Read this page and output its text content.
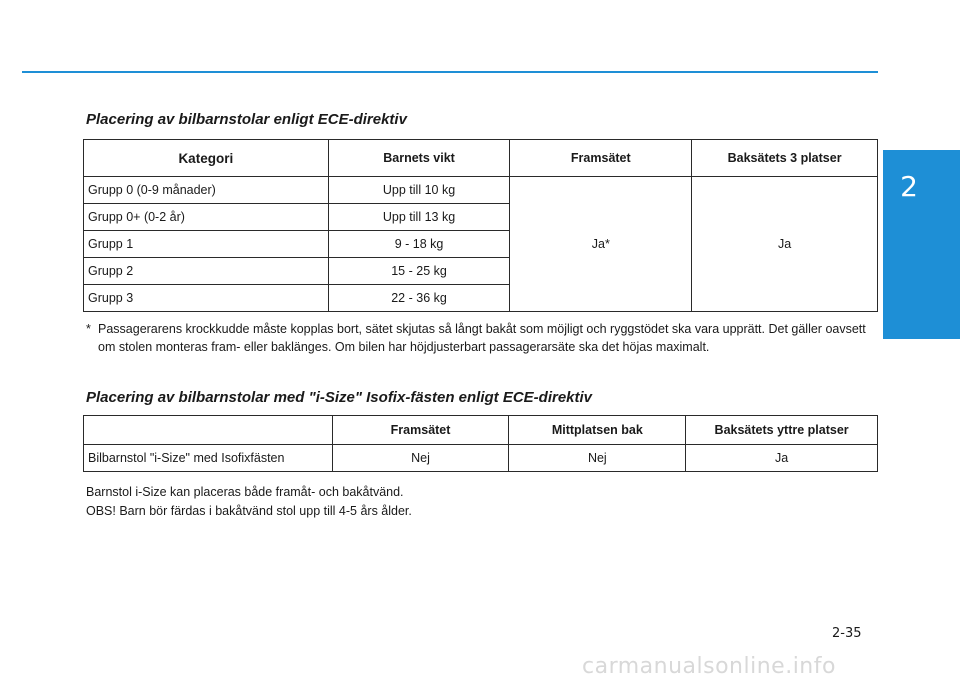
2
Säten och säkerhet
Placering av bilbarnstolar enligt ECE-direktiv
Kategori	Barnets vikt	Framsätet	Baksätets 3 platser
Grupp 0 (0-9 månader)	Upp till 10 kg	Ja*	Ja
Grupp 0+ (0-2 år)	Upp till 13 kg		
Grupp 1	9 - 18 kg		
Grupp 2	15 - 25 kg		
Grupp 3	22 - 36 kg		
* Passagerarens krockkudde måste kopplas bort, sätet skjutas så långt bakåt som möjligt och ryggstödet ska vara upprätt. Det gäller oavsett om stolen monteras fram- eller baklänges. Om bilen har höjdjusterbart passagerarsäte ska det höjas maximalt.
Placering av bilbarnstolar med "i-Size" Isofix-fästen enligt ECE-direktiv
	Framsätet	Mittplatsen bak	Baksätets yttre platser
Bilbarnstol "i-Size" med Isofixfästen	Nej	Nej	Ja
Barnstol i-Size kan placeras både framåt- och bakåtvänd.
OBS! Barn bör färdas i bakåtvänd stol upp till 4-5 års ålder.
2-35
carmanualsonline.info
